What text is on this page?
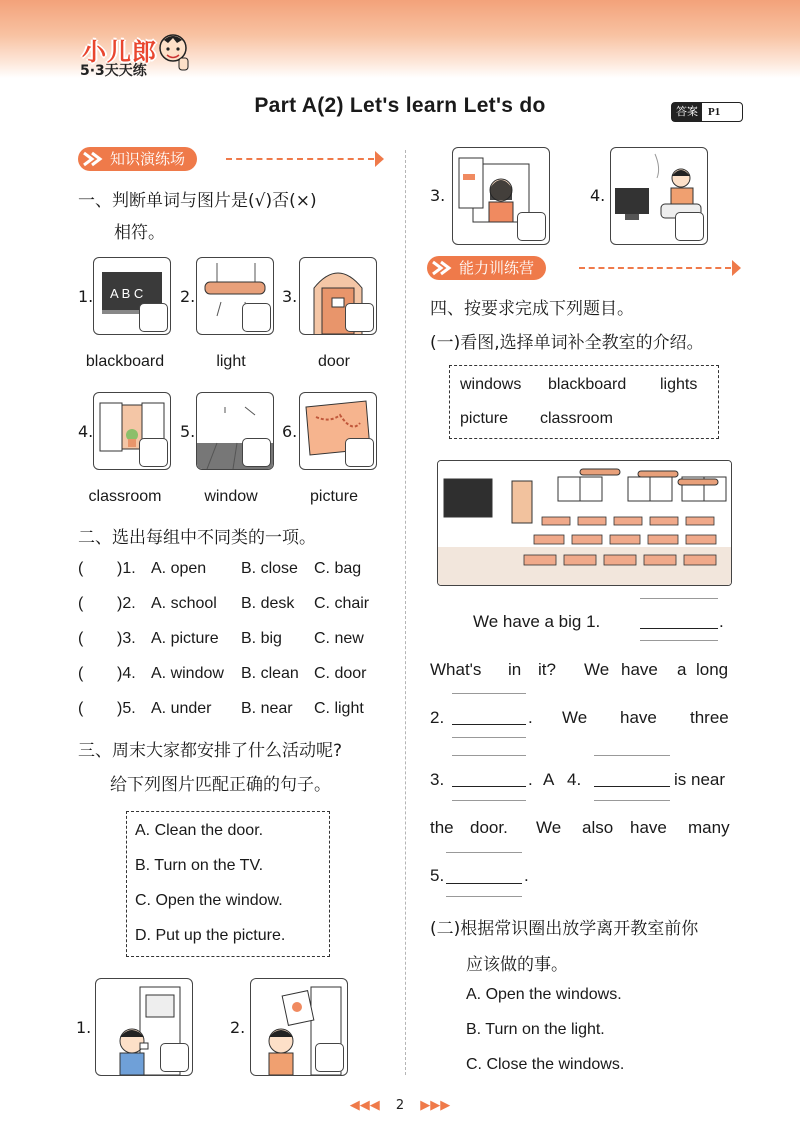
小儿郎
5·3天天练
Part A(2) Let's learn Let's do	答案 P1
知识演练场
一、判断单词与图片是(√)否(×)
相符。
1. A B C 2.	3.
blackboard	light	door
4.	5.	6.
classroom	window	picture
二、选出每组中不同类的一项。
( )1. A. open B. close C. bag
( )2. A. school B. desk C. chair
( )3. A. picture B. big C. new
( )4. A. window B. clean C. door
( )5. A. under B. near C. light
三、周末大家都安排了什么活动呢?
给下列图片匹配正确的句子。
A. Clean the door.
B. Turn on the TV.
C. Open the window.
D. Put up the picture.
1.	2.
3.	4.
能力训练营
四、按要求完成下列题目。
(一)看图,选择单词补全教室的介绍。
windows blackboard lights
picture classroom
We have a big 1.	.
What's in it? We have a long
2.	. We have three
3.	. A 4.	is near
the door. We also have many
5.	.
(二)根据常识圈出放学离开教室前你
应该做的事。
A. Open the windows.
B. Turn on the light.
C. Close the windows.
◀◀◀ 2 ▶▶▶
